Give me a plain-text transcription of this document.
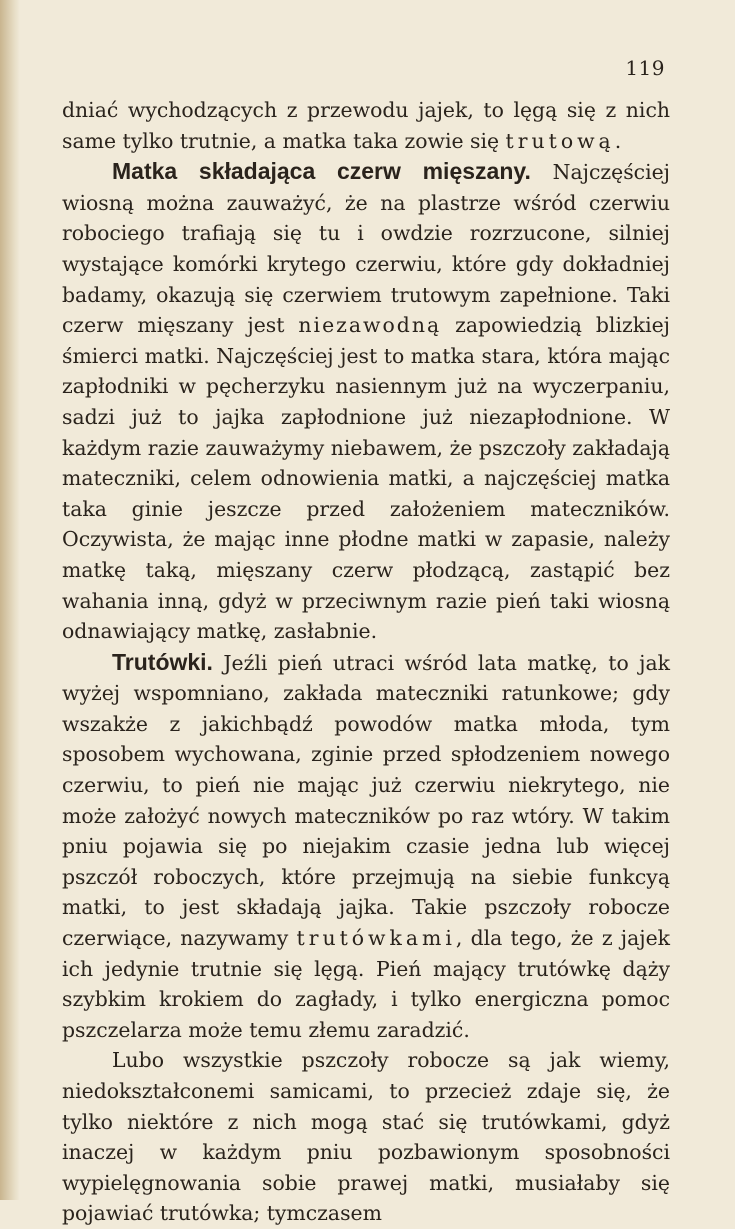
119

dniać wychodzących z przewodu jajek, to lęgą się z nich same tylko trutnie, a matka taka zowie się trutową.

Matka składająca czerw mięszany. Najczęściej wiosną można zauważyć, że na plastrze wśród czerwiu robociego trafiają się tu i owdzie rozrzucone, silniej wystające komórki krytego czerwiu, które gdy dokładniej badamy, okazują się czerwiem trutowym zapełnione. Taki czerw mięszany jest niezawodną zapowiedzią blizkiej śmierci matki. Najczęściej jest to matka stara, która mając zapłodniki w pęcherzyku nasiennym już na wyczerpaniu, sadzi już to jajka zapłodnione już niezapłodnione. W każdym razie zauważymy niebawem, że pszczoły zakładają mateczniki, celem odnowienia matki, a najczęściej matka taka ginie jeszcze przed założeniem mateczników. Oczywista, że mając inne płodne matki w zapasie, należy matkę taką, mięszany czerw płodzącą, zastąpić bez wahania inną, gdyż w przeciwnym razie pień taki wiosną odnawiający matkę, zasłabnie.

Trutówki. Jeźli pień utraci wśród lata matkę, to jak wyżej wspomniano, zakłada mateczniki ratunkowe; gdy wszakże z jakichbądź powodów matka młoda, tym sposobem wychowana, zginie przed spłodzeniem nowego czerwiu, to pień nie mając już czerwiu niekrytego, nie może założyć nowych mateczników po raz wtóry. W takim pniu pojawia się po niejakim czasie jedna lub więcej pszczół roboczych, które przejmują na siebie funkcyą matki, to jest składają jajka. Takie pszczoły robocze czerwiące, nazywamy trutówkami, dla tego, że z jajek ich jedynie trutnie się lęgą. Pień mający trutówkę dąży szybkim krokiem do zagłady, i tylko energiczna pomoc pszczelarza może temu złemu zaradzić.

Lubo wszystkie pszczoły robocze są jak wiemy, niedokształconemi samicami, to przecież zdaje się, że tylko niektóre z nich mogą stać się trutówkami, gdyż inaczej w każdym pniu pozbawionym sposobności wypielęgnowania sobie prawej matki, musiałaby się pojawiać trutówka; tymczasem
